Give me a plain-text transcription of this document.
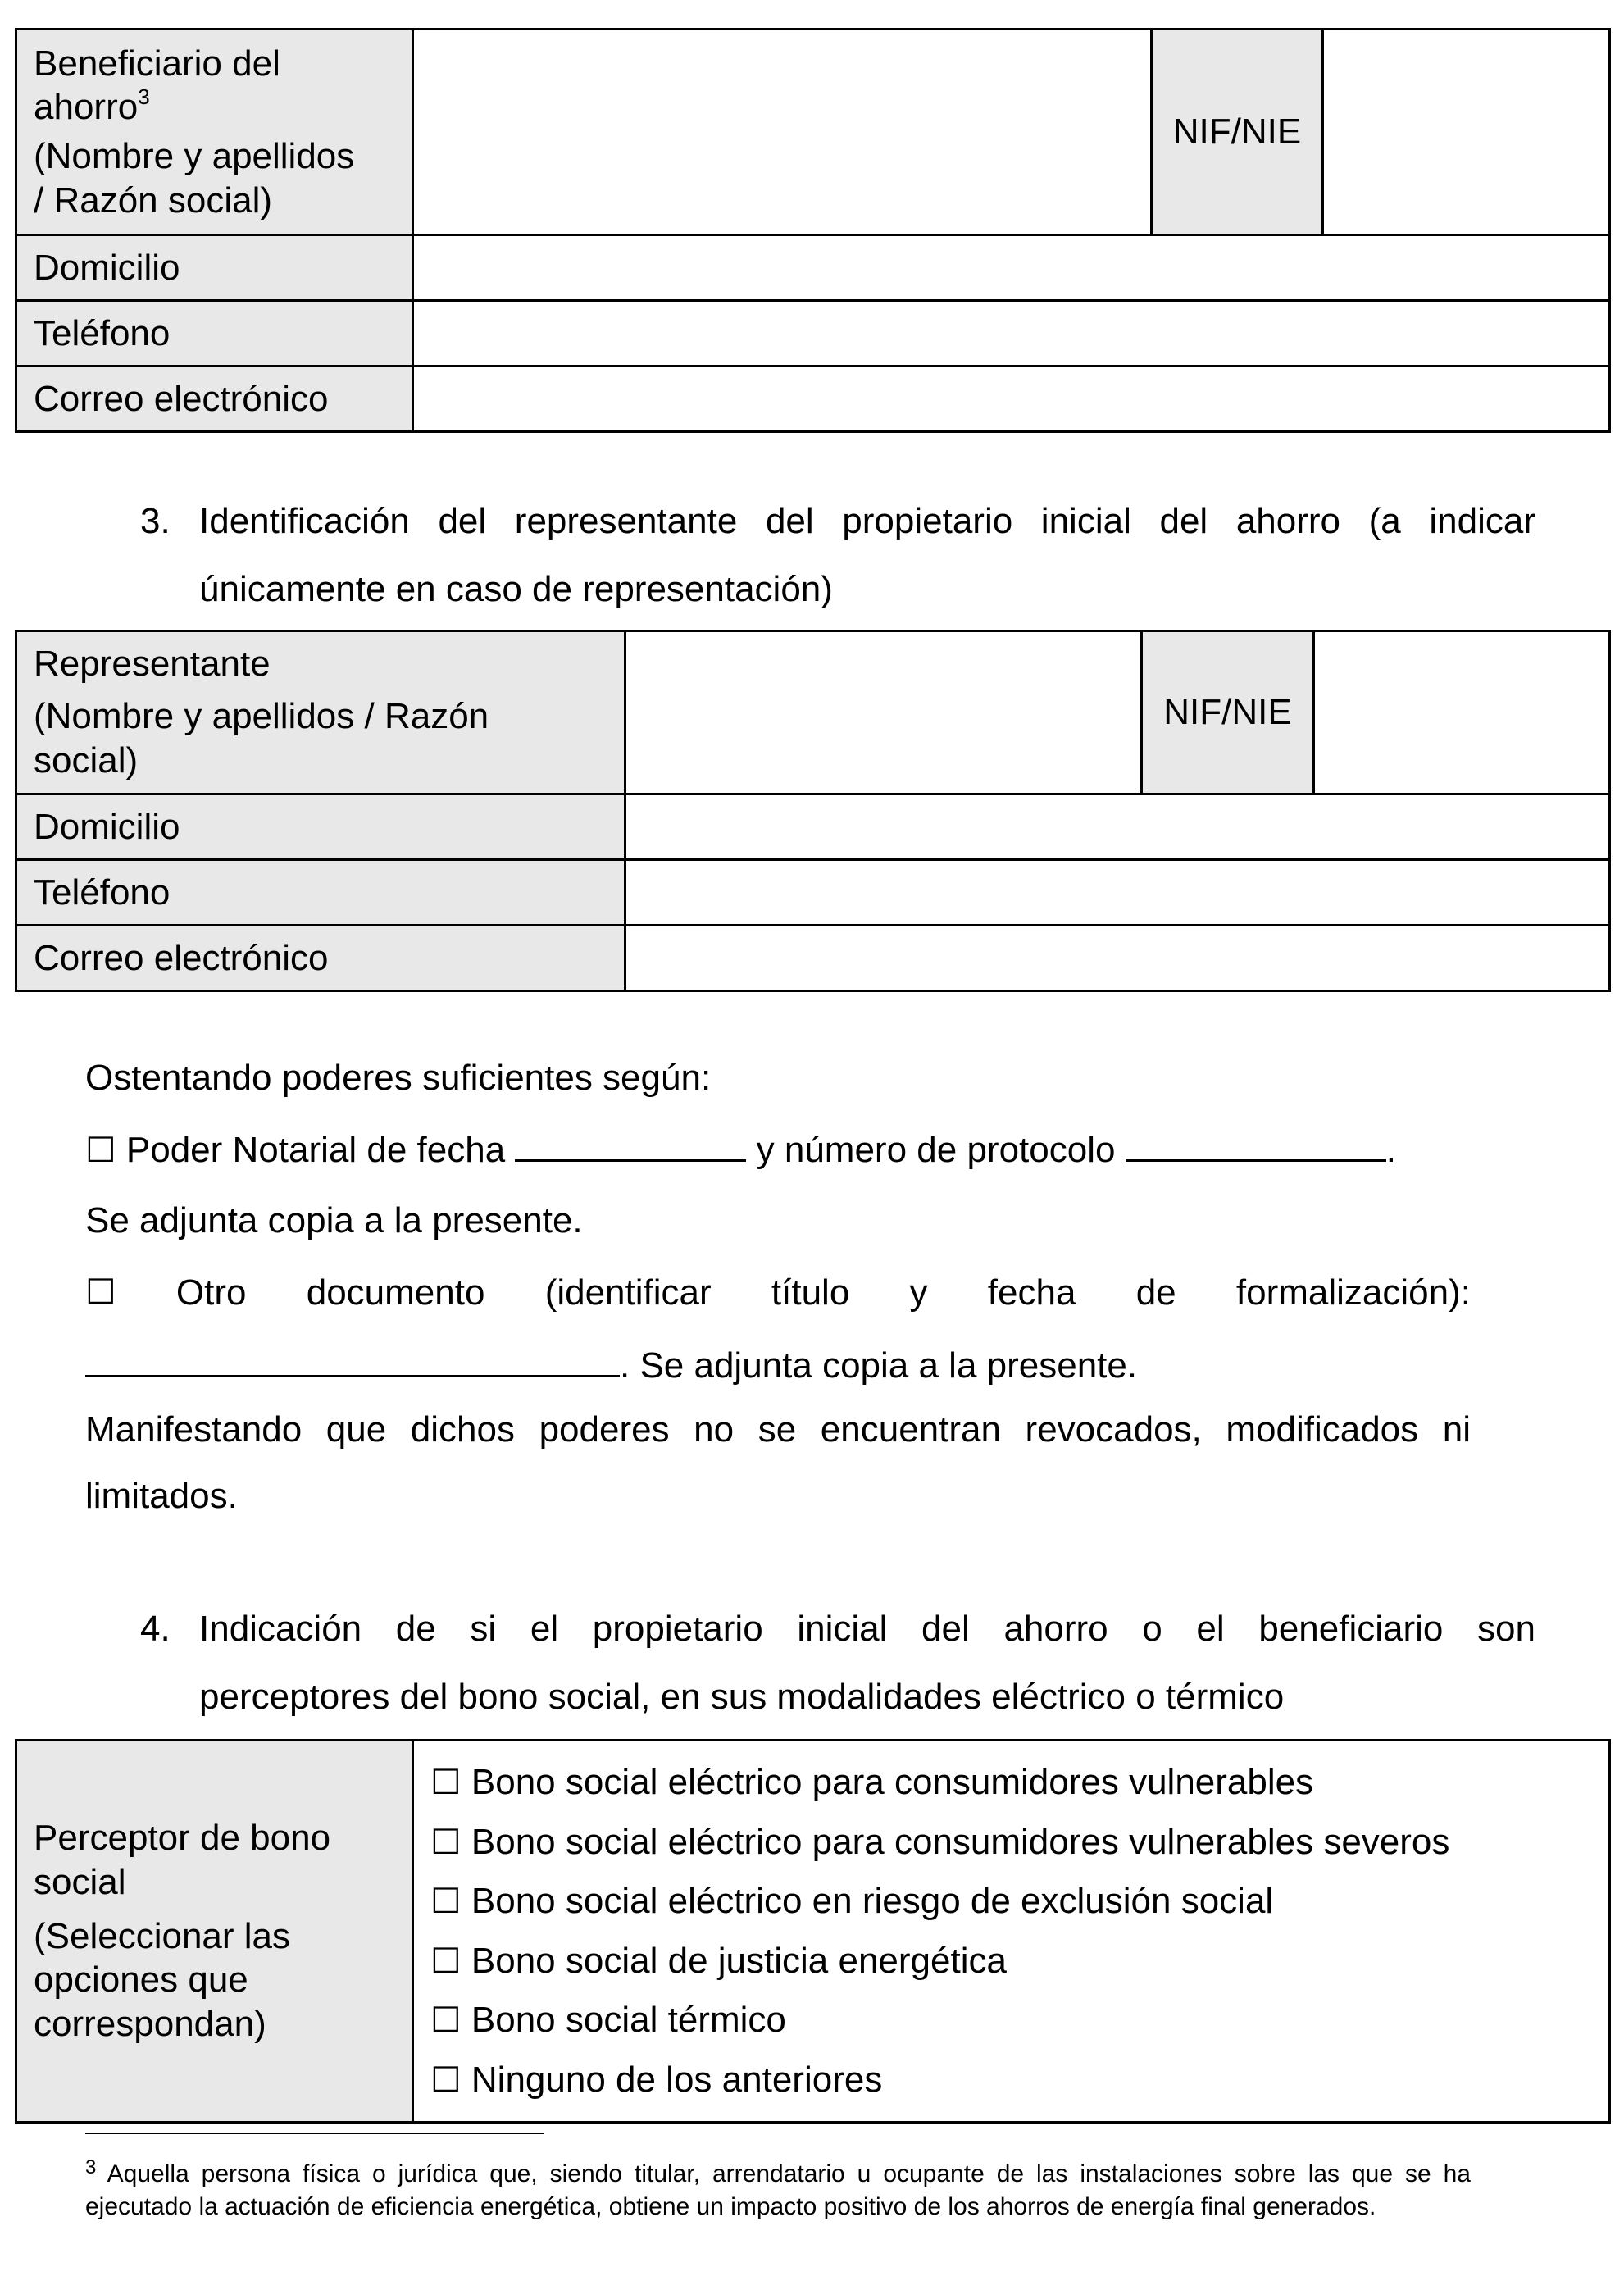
Beneficiario del
ahorro$^3$
(Nombre y apellidos
/ Razón social)		NIF/NIE	
Domicilio			
Teléfono			
Correo electrónico			
3. Identificación del representante del propietario inicial del ahorro (a indicar
únicamente en caso de representación)
Representante
(Nombre y apellidos / Razón
social)		NIF/NIE	
Domicilio			
Teléfono			
Correo electrónico			
Ostentando poderes suficientes según:
☐ Poder Notarial de fecha	y número de protocolo	.
Se adjunta copia a la presente.
☐ Otro documento (identificar título y fecha de formalización):
. Se adjunta copia a la presente.
Manifestando que dichos poderes no se encuentran revocados, modificados ni
limitados.
4. Indicación de si el propietario inicial del ahorro o el beneficiario son
perceptores del bono social, en sus modalidades eléctrico o térmico
Perceptor de bono
social
(Seleccionar las
opciones que
correspondan)

☐ Bono social eléctrico para consumidores vulnerables
☐ Bono social eléctrico para consumidores vulnerables severos
☐ Bono social eléctrico en riesgo de exclusión social
☐ Bono social de justicia energética
☐ Bono social térmico
☐ Ninguno de los anteriores
$^3$ Aquella persona física o jurídica que, siendo titular, arrendatario u ocupante de las instalaciones sobre las que se ha ejecutado la actuación de eficiencia energética, obtiene un impacto positivo de los ahorros de energía final generados.
